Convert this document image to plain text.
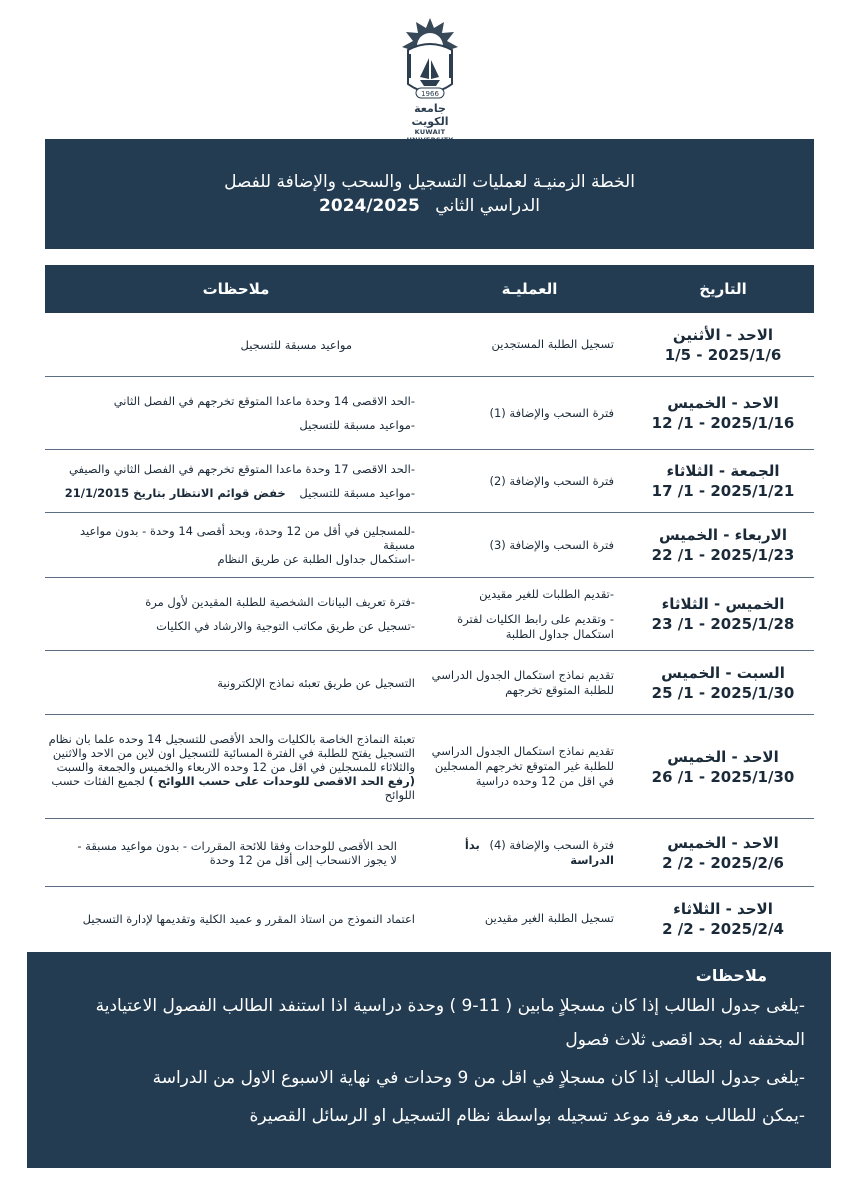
1966
جامعة الكويت
KUWAIT
الخطة الزمنيـة لعمليات التسجيل والسحب والإضافة للفصل
الدراسي الثاني 2024/2025
التاريخ
العمليـة
ملاحظات
الاحد - الأثنين
1/5 - 2025/1/6

تسجيل الطلبة المستجدين

مواعيد مسبقة للتسجيل

الاحد - الخميس
12 /1 - 2025/1/16

فترة السحب والإضافة (1)

-الحد الاقصى 14 وحدة ماعدا المتوقع تخرجهم في الفصل الثاني

-مواعيد مسبقة للتسجيل

الجمعة - الثلاثاء
17 /1 - 2025/1/21

فترة السحب والإضافة (2)

-الحد الاقصى 17 وحدة ماعدا المتوقع تخرجهم في الفصل الثاني والصيفي

-مواعيد مسبقة للتسجيل خفض قوائم الانتظار بتاريخ 21/1/2015

الاربعاء - الخميس
22 /1 - 2025/1/23

فترة السحب والإضافة (3)

-للمسجلين في أقل من 12 وحدة، وبحد أقصى 14 وحدة - بدون مواعيد مسبقة

-استكمال جداول الطلبة عن طريق النظام

الخميس - الثلاثاء
23 /1 - 2025/1/28

-تقديم الطلبات للغير مقيدين

- وتقديم على رابط الكليات لفترة استكمال جداول الطلبة

-فترة تعريف البيانات الشخصية للطلبة المقيدين لأول مرة

-تسجيل عن طريق مكاتب التوجية والارشاد في الكليات

السبت - الخميس
25 /1 - 2025/1/30

تقديم نماذج استكمال الجدول الدراسي للطلبة المتوقع تخرجهم

التسجيل عن طريق تعبئه نماذج الإلكترونية

الاحد - الخميس
26 /1 - 2025/1/30

تقديم نماذج استكمال الجدول الدراسي للطلبة غير المتوقع تخرجهم المسجلين في اقل من 12 وحده دراسية

تعبئة النماذج الخاصة بالكليات والحد الأقصى للتسجيل 14 وحده علما بان نظام التسجيل يفتح للطلبة في الفترة المسائية للتسجيل اون لاين من الاحد والاثنين والثلاثاء للمسجلين في اقل من 12 وحده الاربعاء والخميس والجمعة والسبت (رفع الحد الاقصى للوحدات على حسب اللوائح ) لجميع الفئات حسب اللوائح

الاحد - الخميس
2 /2 - 2025/2/6

فترة السحب والإضافة (4) بدأ الدراسة

الحد الأقصى للوحدات وفقا للائحة المقررات - بدون مواعيد مسبقة -

لا يجوز الانسحاب إلى أقل من 12 وحدة

الاحد - الثلاثاء
2 /2 - 2025/2/4

تسجيل الطلبة الغير مقيدين

اعتماد النموذج من استاذ المقرر و عميد الكلية وتقديمها لإدارة التسجيل

ملاحظات

-يلغى جدول الطالب إذا كان مسجلاٍ مابين ( 11-9 ) وحدة دراسية اذا استنفد الطالب الفصول الاعتيادية

المخففه له بحد اقصى ثلاث فصول

-يلغى جدول الطالب إذا كان مسجلاٍ في اقل من 9 وحدات في نهاية الاسبوع الاول من الدراسة

-يمكن للطالب معرفة موعد تسجيله بواسطة نظام التسجيل او الرسائل القصيرة
